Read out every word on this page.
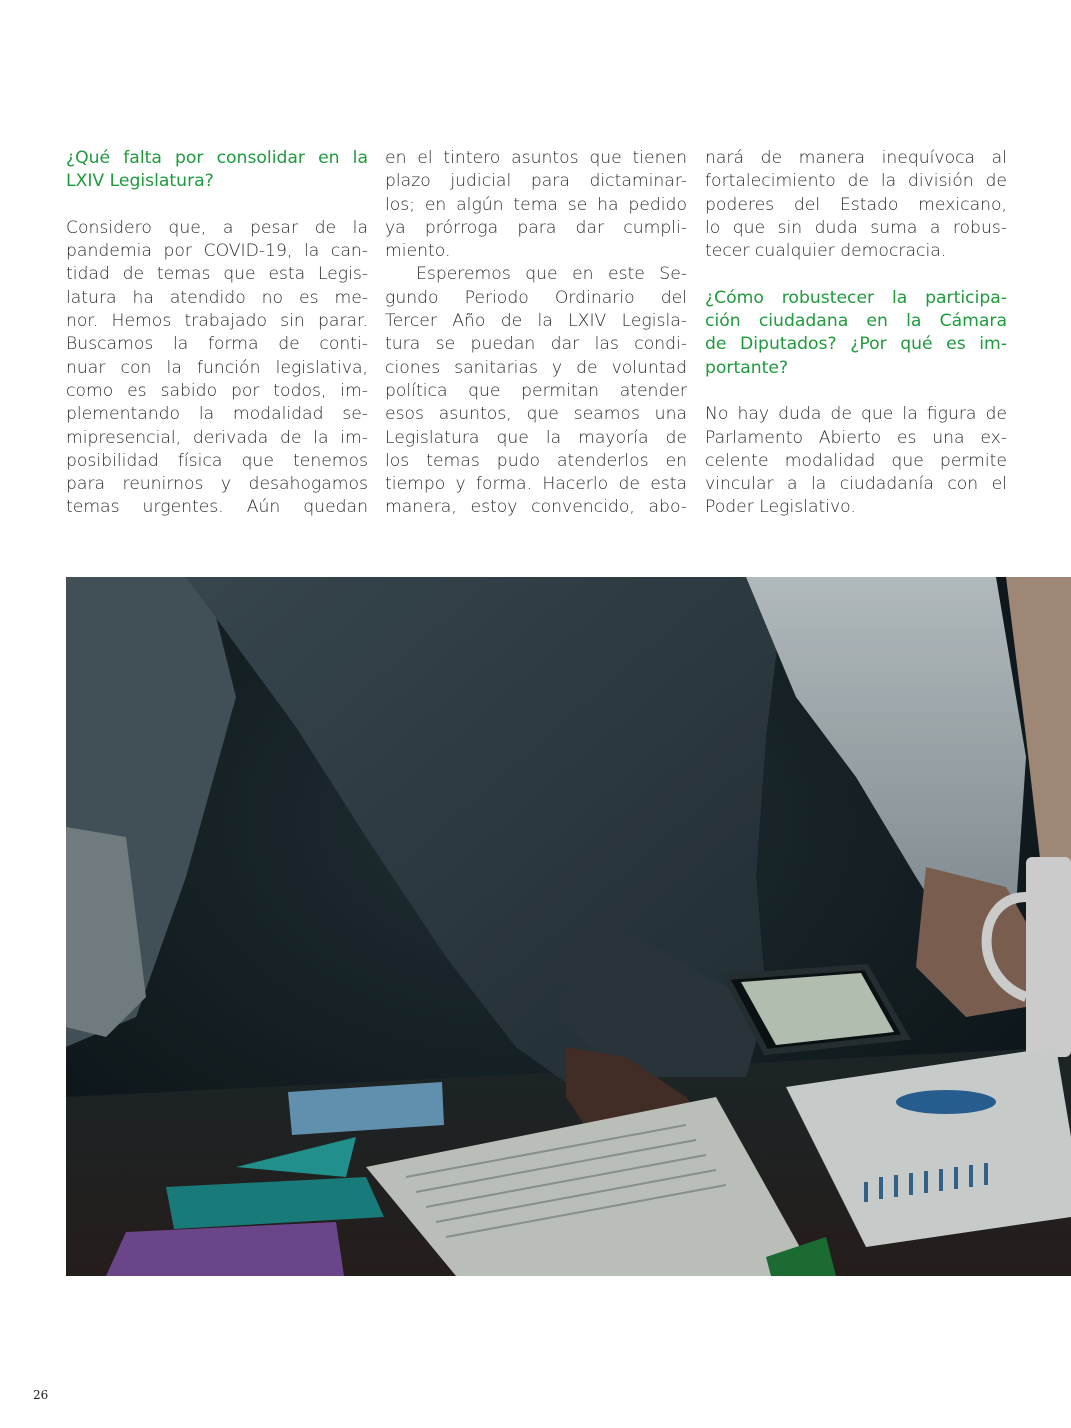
¿Qué falta por consolidar en la
LXIV Legislatura?
Considero que, a pesar de la
pandemia por COVID-19, la can-
tidad de temas que esta Legis-
latura ha atendido no es me-
nor. Hemos trabajado sin parar.
Buscamos la forma de conti-
nuar con la función legislativa,
como es sabido por todos, im-
plementando la modalidad se-
mipresencial, derivada de la im-
posibilidad física que tenemos
para reunirnos y desahogamos
temas urgentes. Aún quedan
en el tintero asuntos que tienen
plazo judicial para dictaminar-
los; en algún tema se ha pedido
ya prórroga para dar cumpli-
miento.
Esperemos que en este Se-
gundo Periodo Ordinario del
Tercer Año de la LXIV Legisla-
tura se puedan dar las condi-
ciones sanitarias y de voluntad
política que permitan atender
esos asuntos, que seamos una
Legislatura que la mayoría de
los temas pudo atenderlos en
tiempo y forma. Hacerlo de esta
manera, estoy convencido, abo-
nará de manera inequívoca al
fortalecimiento de la división de
poderes del Estado mexicano,
lo que sin duda suma a robus-
tecer cualquier democracia.
¿Cómo robustecer la participa-
ción ciudadana en la Cámara
de Diputados? ¿Por qué es im-
portante?
No hay duda de que la figura de
Parlamento Abierto es una ex-
celente modalidad que permite
vincular a la ciudadanía con el
Poder Legislativo.
26
